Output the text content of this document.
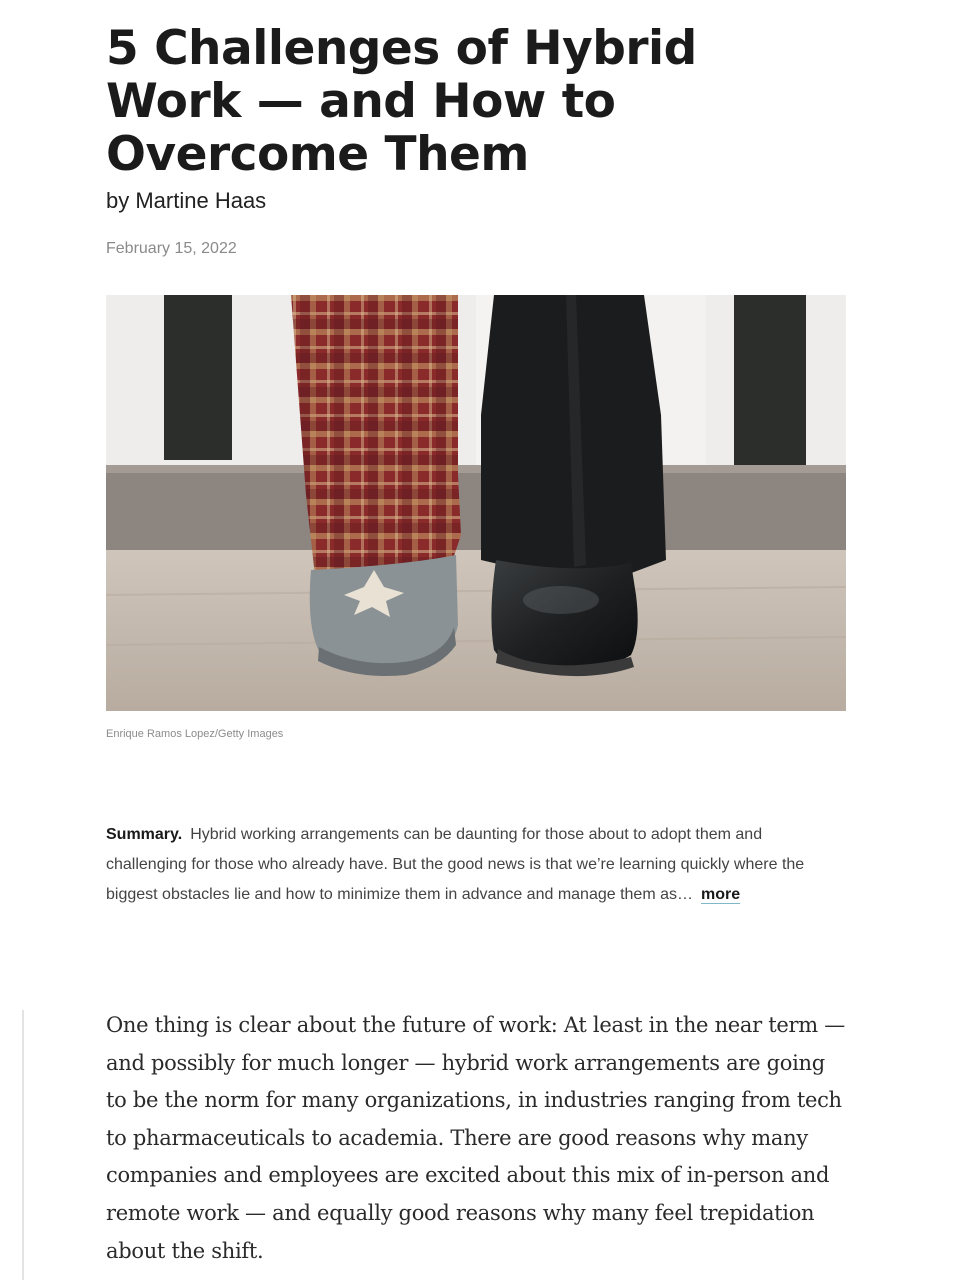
5 Challenges of Hybrid Work — and How to Overcome Them
by Martine Haas
February 15, 2022
Enrique Ramos Lopez/Getty Images

Summary. Hybrid working arrangements can be daunting for those about to adopt them and challenging for those who already have. But the good news is that we’re learning quickly where the biggest obstacles lie and how to minimize them in advance and manage them as… more

One thing is clear about the future of work: At least in the near term — and possibly for much longer — hybrid work arrangements are going to be the norm for many organizations, in industries ranging from tech to pharmaceuticals to academia. There are good reasons why many companies and employees are excited about this mix of in-person and remote work — and equally good reasons why many feel trepidation about the shift.
